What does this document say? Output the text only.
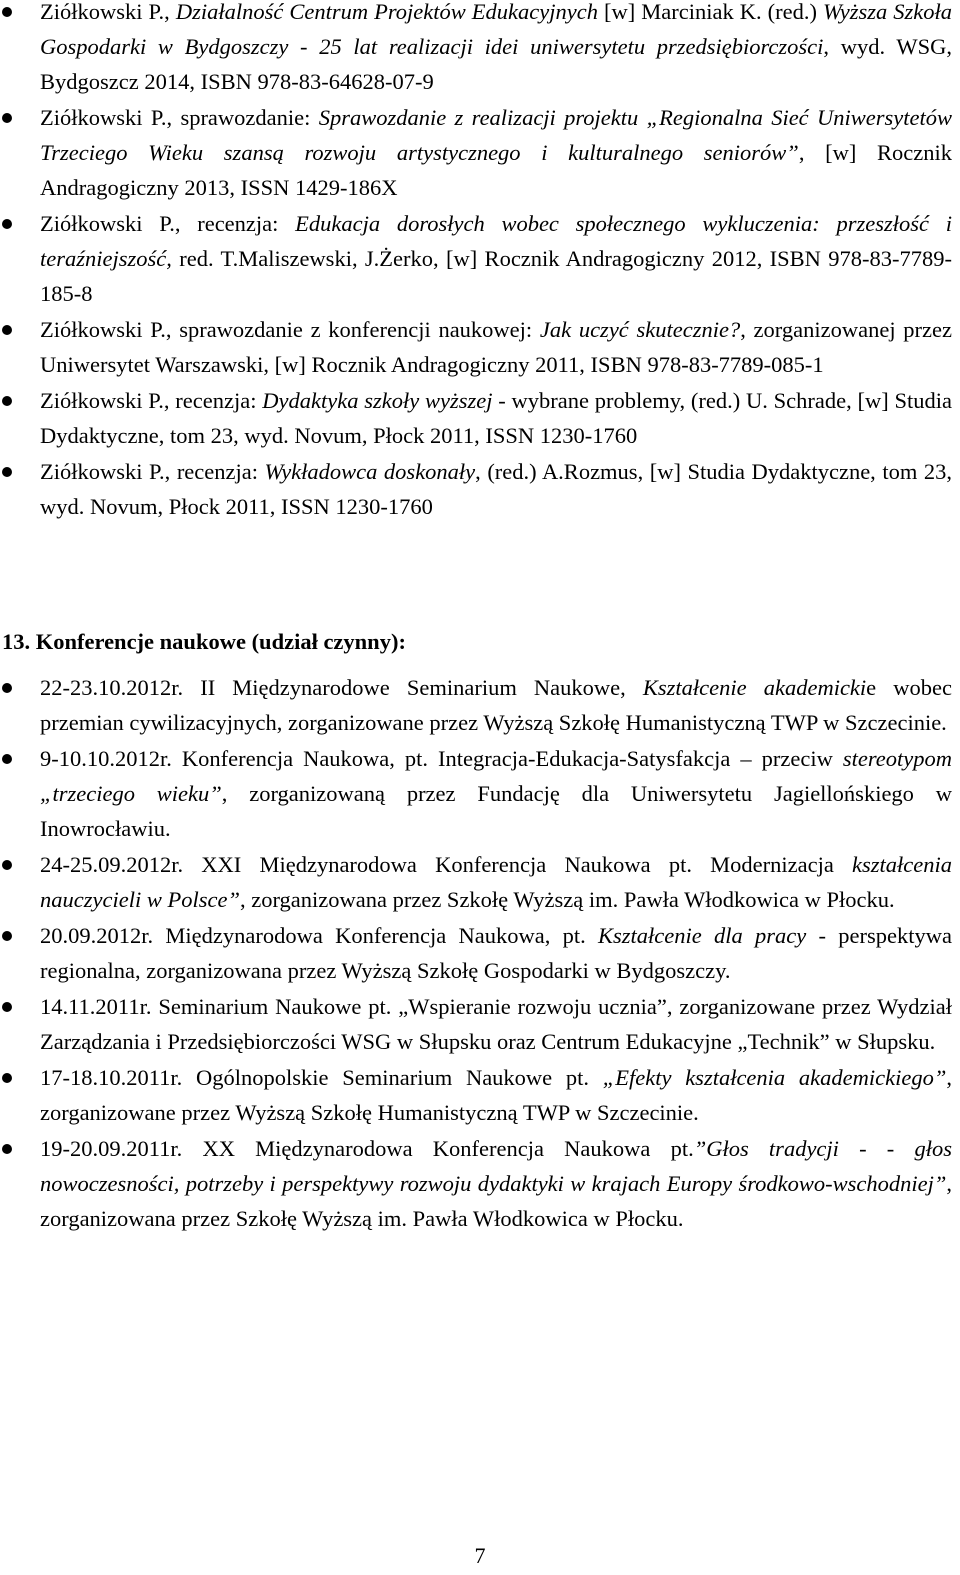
Ziółkowski P., Działalność Centrum Projektów Edukacyjnych [w] Marciniak K. (red.) Wyższa Szkoła Gospodarki w Bydgoszczy - 25 lat realizacji idei uniwersytetu przedsiębiorczości, wyd. WSG, Bydgoszcz 2014, ISBN 978-83-64628-07-9
Ziółkowski P., sprawozdanie: Sprawozdanie z realizacji projektu „Regionalna Sieć Uniwersytetów Trzeciego Wieku szansą rozwoju artystycznego i kulturalnego seniorów”, [w] Rocznik Andragogiczny 2013, ISSN 1429-186X
Ziółkowski P., recenzja: Edukacja dorosłych wobec społecznego wykluczenia: przeszłość i teraźniejszość, red. T.Maliszewski, J.Żerko, [w] Rocznik Andragogiczny 2012, ISBN 978-83-7789-185-8
Ziółkowski P., sprawozdanie z konferencji naukowej: Jak uczyć skutecznie?, zorganizowanej przez Uniwersytet Warszawski, [w] Rocznik Andragogiczny 2011, ISBN 978-83-7789-085-1
Ziółkowski P., recenzja: Dydaktyka szkoły wyższej - wybrane problemy, (red.) U. Schrade, [w] Studia Dydaktyczne, tom 23, wyd. Novum, Płock 2011, ISSN 1230-1760
Ziółkowski P., recenzja: Wykładowca doskonały, (red.) A.Rozmus, [w] Studia Dydaktyczne, tom 23, wyd. Novum, Płock 2011, ISSN 1230-1760
13. Konferencje naukowe (udział czynny):
22-23.10.2012r. II Międzynarodowe Seminarium Naukowe, Kształcenie akademickie wobec przemian cywilizacyjnych, zorganizowane przez Wyższą Szkołę Humanistyczną TWP w Szczecinie.
9-10.10.2012r. Konferencja Naukowa, pt. Integracja-Edukacja-Satysfakcja – przeciw stereotypom „trzeciego wieku”, zorganizowaną przez Fundację dla Uniwersytetu Jagiellońskiego w Inowrocławiu.
24-25.09.2012r. XXI Międzynarodowa Konferencja Naukowa pt. Modernizacja kształcenia nauczycieli w Polsce”, zorganizowana przez Szkołę Wyższą im. Pawła Włodkowica w Płocku.
20.09.2012r. Międzynarodowa Konferencja Naukowa, pt. Kształcenie dla pracy - perspektywa regionalna, zorganizowana przez Wyższą Szkołę Gospodarki w Bydgoszczy.
14.11.2011r. Seminarium Naukowe pt. „Wspieranie rozwoju ucznia”, zorganizowane przez Wydział Zarządzania i Przedsiębiorczości WSG w Słupsku oraz Centrum Edukacyjne „Technik” w Słupsku.
17-18.10.2011r. Ogólnopolskie Seminarium Naukowe pt. „Efekty kształcenia akademickiego”, zorganizowane przez Wyższą Szkołę Humanistyczną TWP w Szczecinie.
19-20.09.2011r. XX Międzynarodowa Konferencja Naukowa pt.”Głos tradycji - - głos nowoczesności, potrzeby i perspektywy rozwoju dydaktyki w krajach Europy środkowo-wschodniej”, zorganizowana przez Szkołę Wyższą im. Pawła Włodkowica w Płocku.
7
